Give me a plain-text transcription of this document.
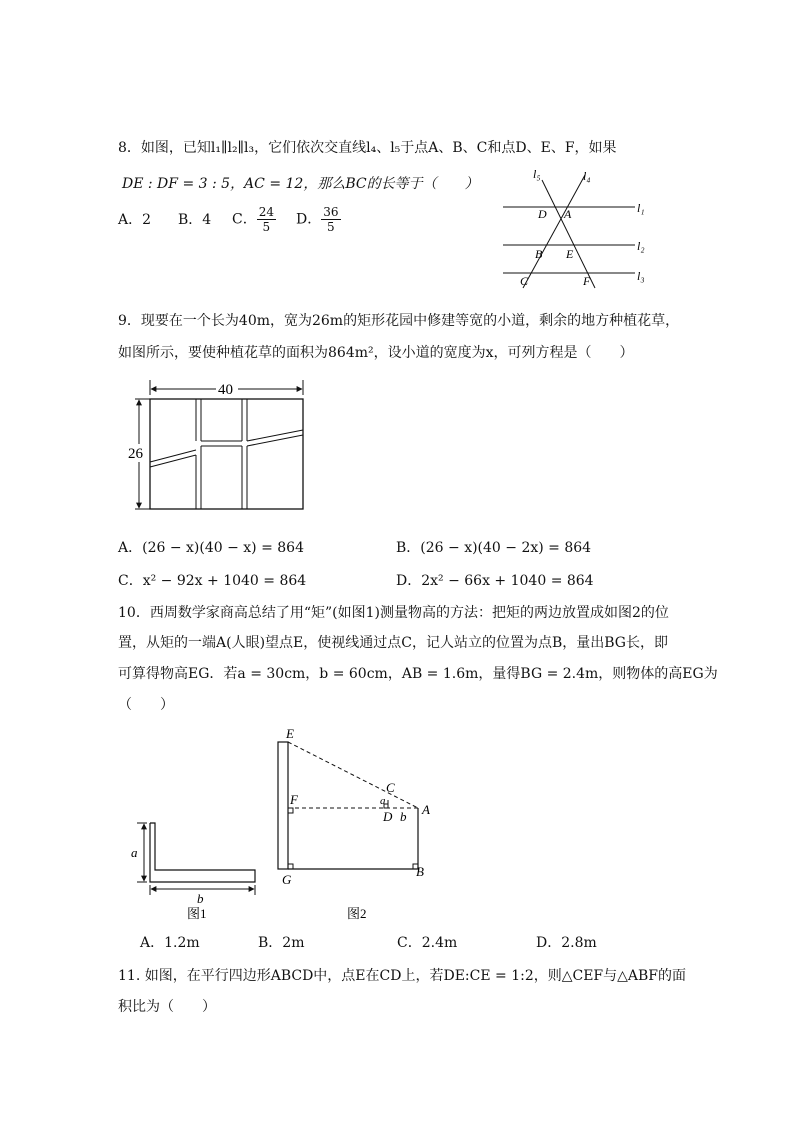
8．如图，已知l₁∥l₂∥l₃，它们依次交直线l₄、l₅于点A、B、C和点D、E、F，如果
DE : DF = 3 : 5，AC = 12，那么BC的长等于（　　）
A．2 B．4 C． $\frac{24}{5}$ D． $\frac{36}{5}$	l₁
l₂
l₃
l₄
l₅
D A
B E
C	F
9．现要在一个长为40m，宽为26m的矩形花园中修建等宽的小道，剩余的地方种植花草，
如图所示，要使种植花草的面积为864m²，设小道的宽度为x，可列方程是（　　）
40
26
A．(26 − x)(40 − x) = 864	B．(26 − x)(40 − 2x) = 864
C．x² − 92x + 1040 = 864	D．2x² − 66x + 1040 = 864
10．西周数学家商高总结了用“矩”(如图1)测量物高的方法：把矩的两边放置成如图2的位
置，从矩的一端A(人眼)望点E，使视线通过点C，记人站立的位置为点B，量出BG长，即
可算得物高EG．若a = 30cm，b = 60cm，AB = 1.6m，量得BG = 2.4m，则物体的高EG为
（　　）
a
b
图1
E
C
F	a
D b A
G
B
图2
A．1.2m	B．2m	C．2.4m	D．2.8m
11. 如图，在平行四边形ABCD中，点E在CD上，若DE:CE = 1:2，则△CEF与△ABF的面
积比为（　　）
